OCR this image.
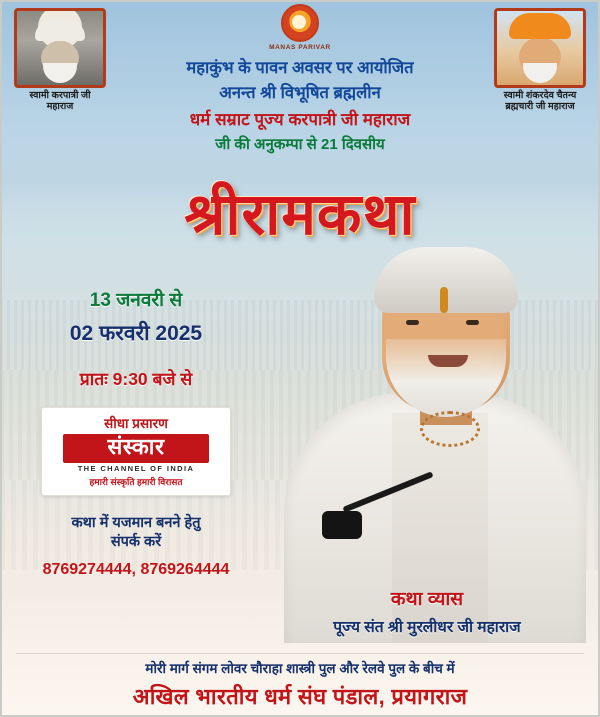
स्वामी करपात्री जी
महाराज
MANAS PARIVAR
स्वामी शंकरदेव चैतन्य
ब्रह्मचारी जी महाराज
महाकुंभ के पावन अवसर पर आयोजित
अनन्त श्री विभूषित ब्रह्मलीन
धर्म सम्राट पूज्य करपात्री जी महाराज
जी की अनुकम्पा से 21 दिवसीय
श्रीरामकथा
13 जनवरी से
02 फरवरी 2025
प्रातः 9:30 बजे से
सीधा प्रसारण
संस्कार
THE CHANNEL OF INDIA
हमारी संस्कृति हमारी विरासत
कथा में यजमान बनने हेतु
संपर्क करें
8769274444, 8769264444
कथा व्यास
पूज्य संत श्री मुरलीधर जी महाराज
मोरी मार्ग संगम लोवर चौराहा शास्त्री पुल और रेलवे पुल के बीच में
अखिल भारतीय धर्म संघ पंडाल, प्रयागराज
